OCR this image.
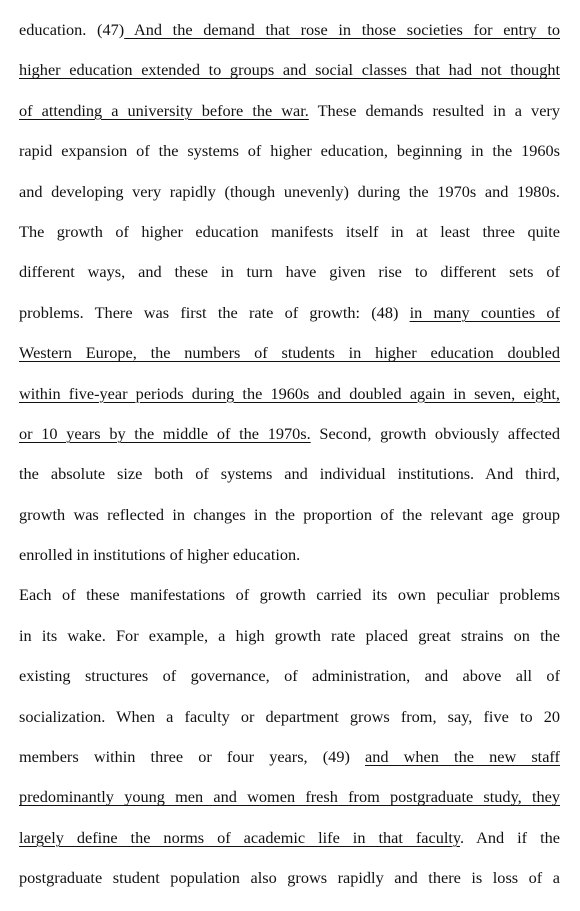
education. (47) And the demand that rose in those societies for entry to
higher education extended to groups and social classes that had not thought
of attending a university before the war. These demands resulted in a very
rapid expansion of the systems of higher education, beginning in the 1960s
and developing very rapidly (though unevenly) during the 1970s and 1980s.
The growth of higher education manifests itself in at least three quite
different ways, and these in turn have given rise to different sets of
problems. There was first the rate of growth: (48) in many counties of
Western Europe, the numbers of students in higher education doubled
within five-year periods during the 1960s and doubled again in seven, eight,
or 10 years by the middle of the 1970s. Second, growth obviously affected
the absolute size both of systems and individual institutions. And third,
growth was reflected in changes in the proportion of the relevant age group
enrolled in institutions of higher education.
Each of these manifestations of growth carried its own peculiar problems
in its wake. For example, a high growth rate placed great strains on the
existing structures of governance, of administration, and above all of
socialization. When a faculty or department grows from, say, five to 20
members within three or four years, (49) and when the new staff
predominantly young men and women fresh from postgraduate study, they
largely define the norms of academic life in that faculty. And if the
postgraduate student population also grows rapidly and there is loss of a
